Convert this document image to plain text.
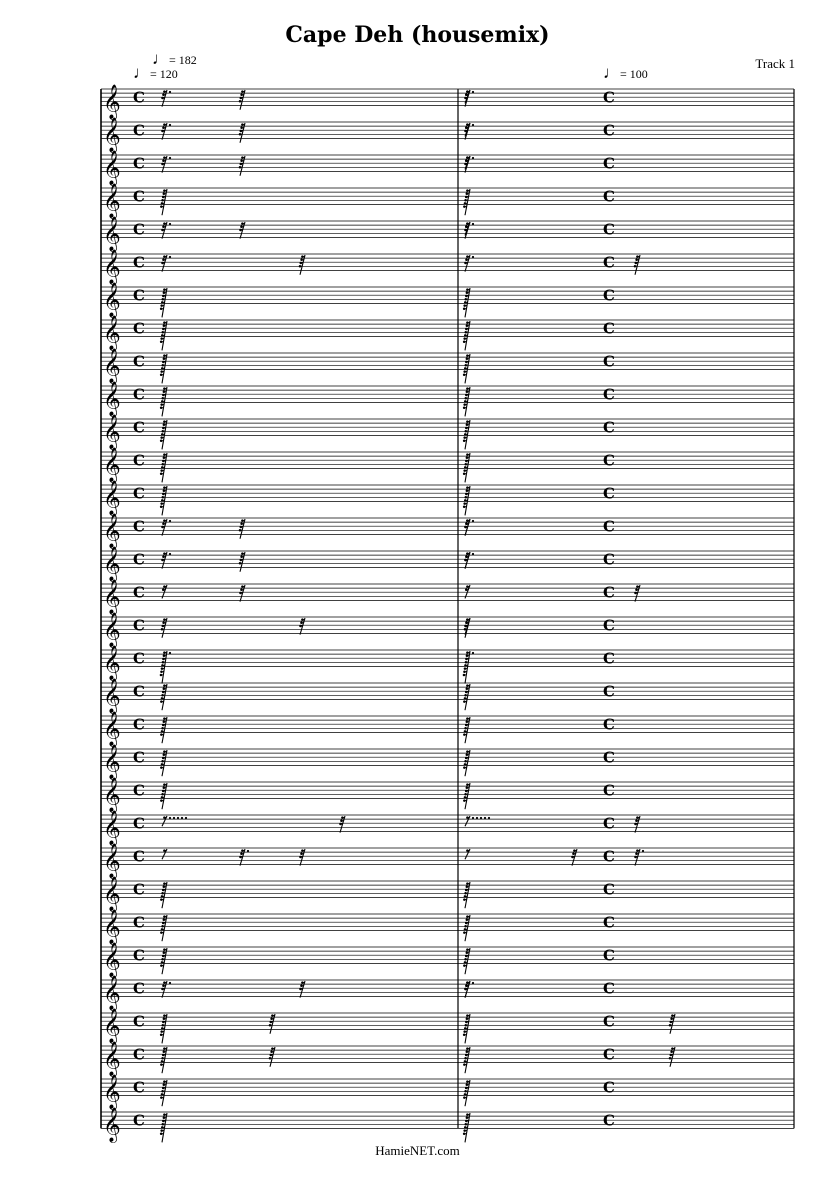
Cape Deh (housemix)
Track 1
♩= 120
♩= 182
♩= 100
𝄞 C	C
𝄞 C	C
𝄞 C	C
𝄞 C	C
𝄞 C	C
𝄞 C	C
𝄞 C	C
𝄞 C	C
𝄞 C	C
𝄞 C	C
𝄞 C	C
𝄞 C	C
𝄞 C	C
𝄞 C	C
𝄞 C	C
𝄞 C	C
𝄞 C	C
𝄞 C	C
𝄞 C	C
𝄞 C	C
𝄞 C	C
𝄞 C	C
𝄞 C	C
𝄞 C	C
𝄞 C	C
𝄞 C	C
𝄞 C	C
𝄞 C	C
𝄞 C	C
𝄞 C	C
𝄞 C	C
𝄞 C	C
HamieNET.com
